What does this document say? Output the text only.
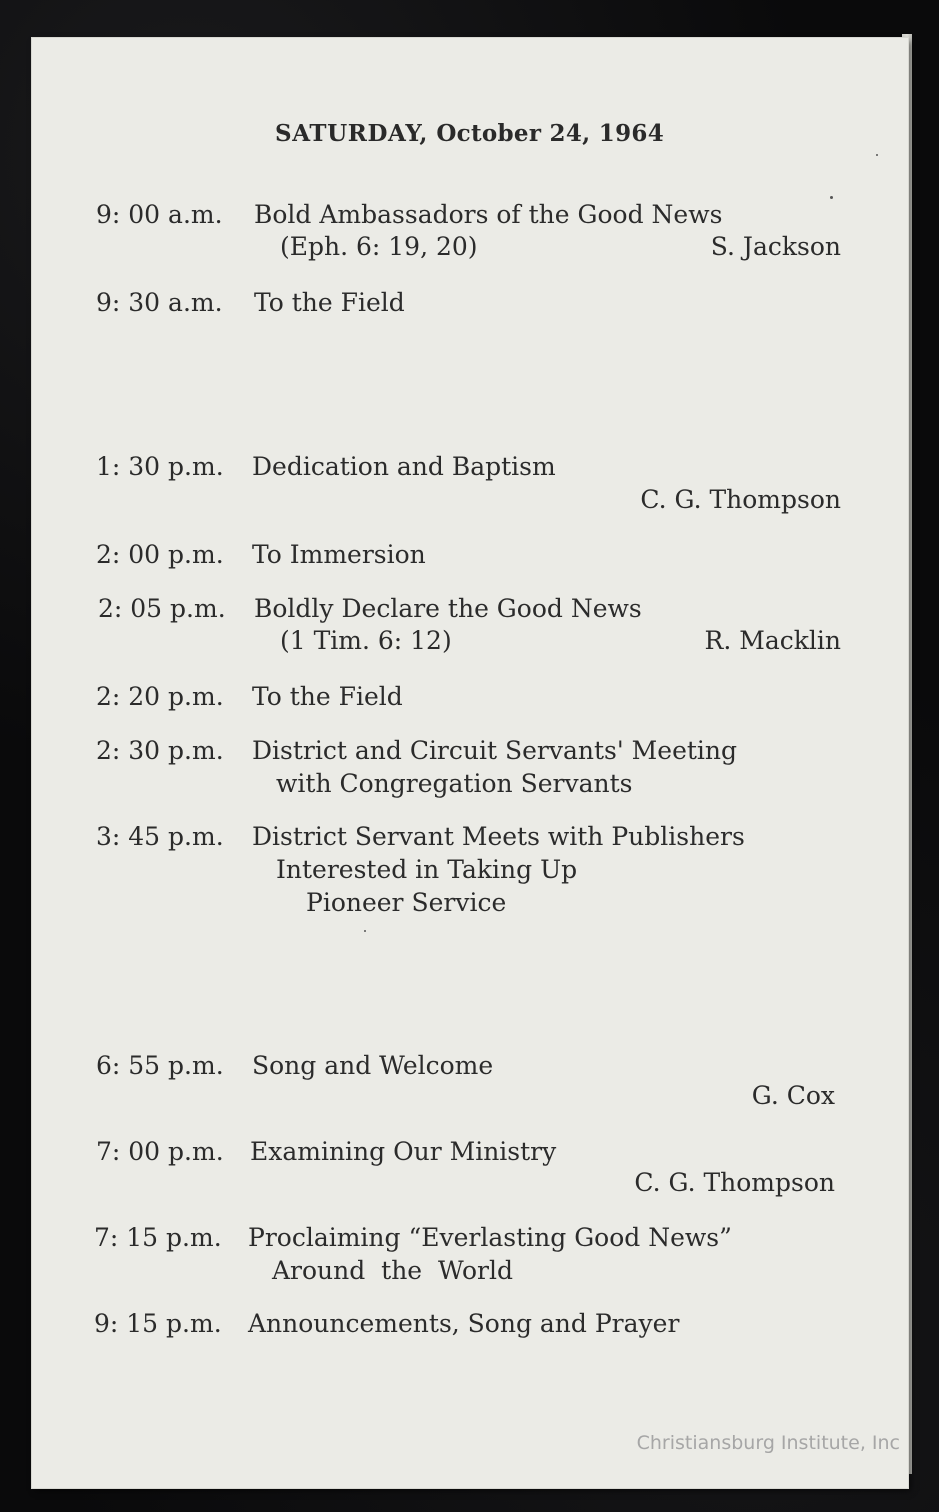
SATURDAY, October 24, 1964
9: 00 a.m. Bold Ambassadors of the Good News
(Eph. 6: 19, 20)	S. Jackson
9: 30 a.m. To the Field
1: 30 p.m. Dedication and Baptism
C. G. Thompson
2: 00 p.m. To Immersion
2: 05 p.m. Boldly Declare the Good News
(1 Tim. 6: 12)	R. Macklin
2: 20 p.m. To the Field
2: 30 p.m. District and Circuit Servants' Meeting
with Congregation Servants
3: 45 p.m. District Servant Meets with Publishers
Interested in Taking Up
Pioneer Service
6: 55 p.m. Song and Welcome
G. Cox
7: 00 p.m. Examining Our Ministry
C. G. Thompson
7: 15 p.m. Proclaiming “Everlasting Good News”
Around  the  World
9: 15 p.m. Announcements, Song and Prayer
Christiansburg Institute, Inc
